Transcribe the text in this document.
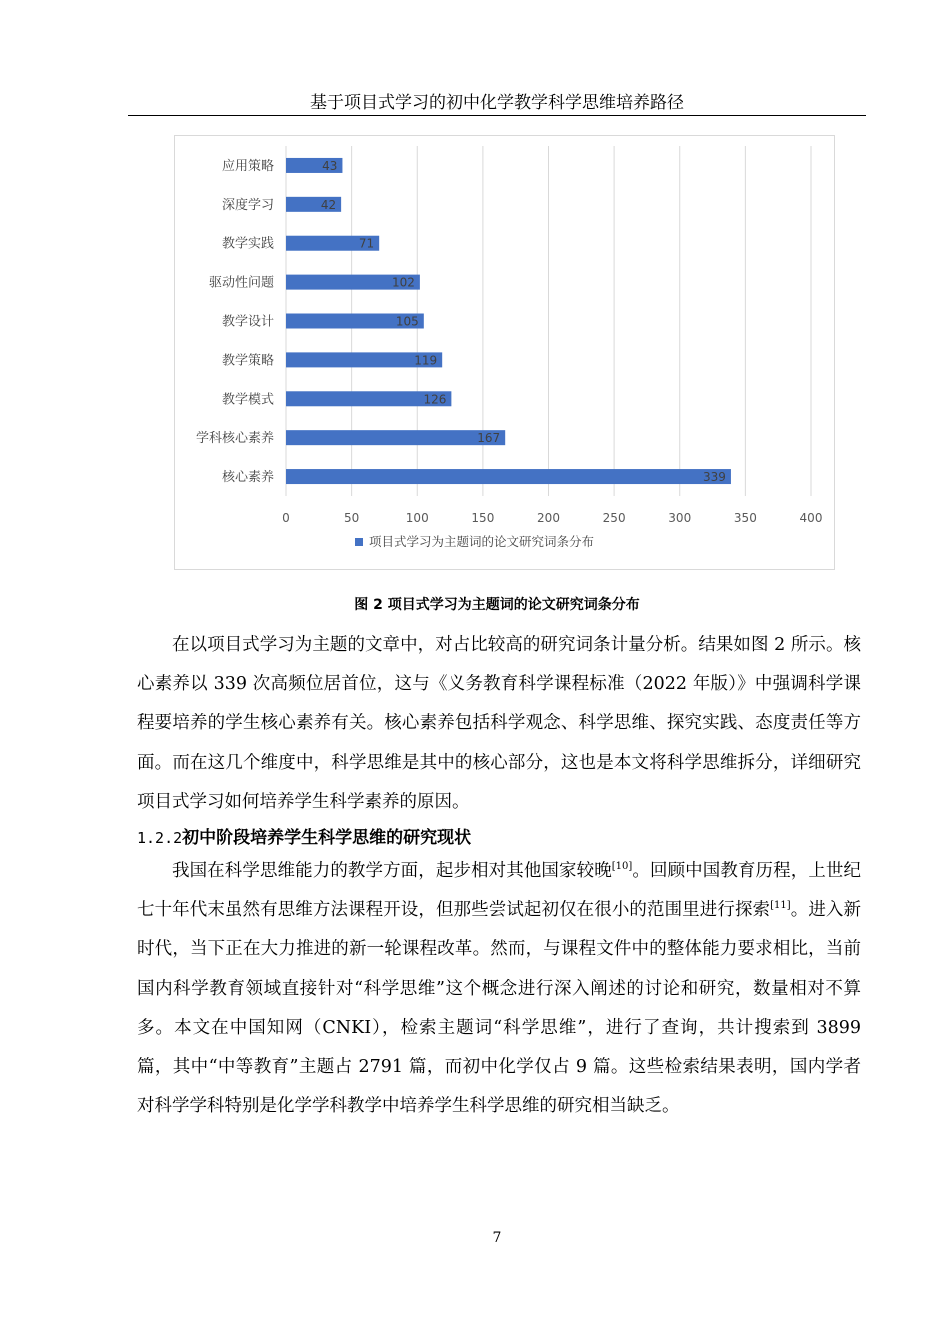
基于项目式学习的初中化学教学科学思维培养路径
0	50	100	150	200	250	300	350	400
核心素养	339
学科核心素养	167
教学模式	126
教学策略	119
教学设计	105
驱动性问题	102
教学实践	71
深度学习	42
应用策略	43
项目式学习为主题词的论文研究词条分布
图 2 项目式学习为主题词的论文研究词条分布

在以项目式学习为主题的文章中，对占比较高的研究词条计量分析。结果如图 2 所示。核心素养以 339 次高频位居首位，这与《义务教育科学课程标准（2022 年版）》中强调科学课程要培养的学生核心素养有关。核心素养包括科学观念、科学思维、探究实践、态度责任等方面。而在这几个维度中，科学思维是其中的核心部分，这也是本文将科学思维拆分，详细研究项目式学习如何培养学生科学素养的原因。

1.2.2初中阶段培养学生科学思维的研究现状

我国在科学思维能力的教学方面，起步相对其他国家较晚[10]。回顾中国教育历程，上世纪七十年代末虽然有思维方法课程开设，但那些尝试起初仅在很小的范围里进行探索[11]。进入新时代，当下正在大力推进的新一轮课程改革。然而，与课程文件中的整体能力要求相比，当前国内科学教育领域直接针对“科学思维”这个概念进行深入阐述的讨论和研究，数量相对不算多。本文在中国知网（CNKI），检索主题词“科学思维”，进行了查询，共计搜索到 3899 篇，其中“中等教育”主题占 2791 篇，而初中化学仅占 9 篇。这些检索结果表明，国内学者对科学学科特别是化学学科教学中培养学生科学思维的研究相当缺乏。

7
